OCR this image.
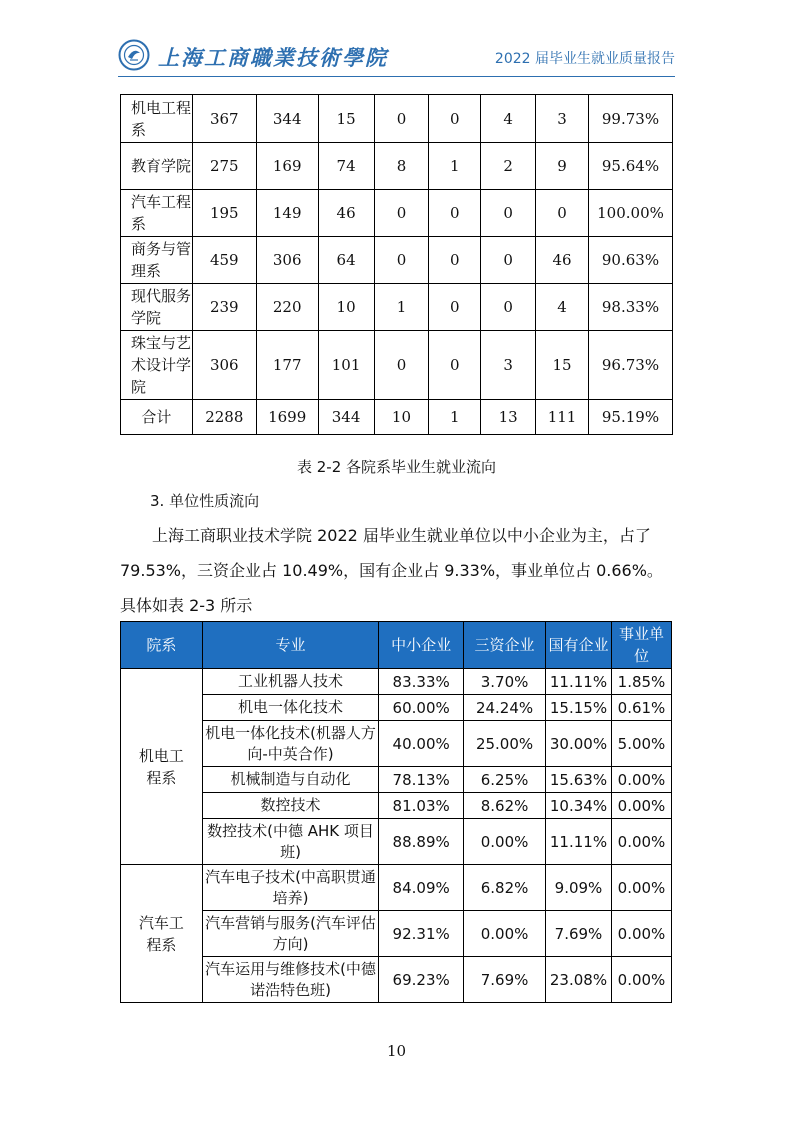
上海工商職業技術學院	2022 届毕业生就业质量报告
机电工程系	367	344	15	0	0	4	3	99.73%
教育学院	275	169	74	8	1	2	9	95.64%
汽车工程系	195	149	46	0	0	0	0	100.00%
商务与管理系	459	306	64	0	0	0	46	90.63%
现代服务学院	239	220	10	1	0	0	4	98.33%
珠宝与艺术设计学院	306	177	101	0	0	3	15	96.73%
合计	2288	1699	344	10	1	13	111	95.19%
表 2-2 各院系毕业生就业流向
3. 单位性质流向
上海工商职业技术学院 2022 届毕业生就业单位以中小企业为主，占了 79.53%，三资企业占 10.49%，国有企业占 9.33%，事业单位占 0.66%。具体如表 2-3 所示
院系	专业	中小企业	三资企业	国有企业	事业单位
机电工程系	工业机器人技术	83.33%	3.70%	11.11%	1.85%
	机电一体化技术	60.00%	24.24%	15.15%	0.61%
	机电一体化技术(机器人方向-中英合作)	40.00%	25.00%	30.00%	5.00%
	机械制造与自动化	78.13%	6.25%	15.63%	0.00%
	数控技术	81.03%	8.62%	10.34%	0.00%
	数控技术(中德 AHK 项目班)	88.89%	0.00%	11.11%	0.00%
汽车工程系	汽车电子技术(中高职贯通培养)	84.09%	6.82%	9.09%	0.00%
	汽车营销与服务(汽车评估方向)	92.31%	0.00%	7.69%	0.00%
	汽车运用与维修技术(中德诺浩特色班)	69.23%	7.69%	23.08%	0.00%
10
